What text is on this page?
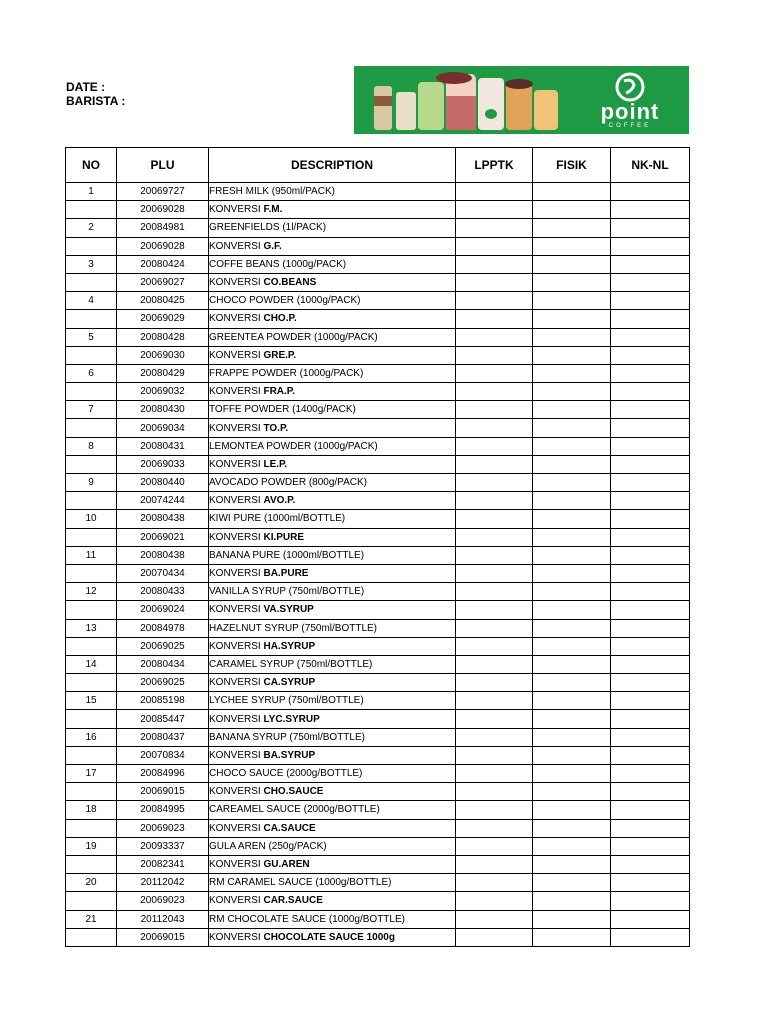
DATE :
BARISTA :	point
COFFEE
NO	PLU	DESCRIPTION	LPPTK	FISIK	NK-NL
1	20069727	FRESH MILK (950ml/PACK)			
	20069028	KONVERSI F.M.			
2	20084981	GREENFIELDS (1l/PACK)			
	20069028	KONVERSI G.F.			
3	20080424	COFFE BEANS (1000g/PACK)			
	20069027	KONVERSI CO.BEANS			
4	20080425	CHOCO POWDER (1000g/PACK)			
	20069029	KONVERSI CHO.P.			
5	20080428	GREENTEA POWDER (1000g/PACK)			
	20069030	KONVERSI GRE.P.			
6	20080429	FRAPPE POWDER (1000g/PACK)			
	20069032	KONVERSI FRA.P.			
7	20080430	TOFFE POWDER (1400g/PACK)			
	20069034	KONVERSI TO.P.			
8	20080431	LEMONTEA POWDER (1000g/PACK)			
	20069033	KONVERSI LE.P.			
9	20080440	AVOCADO POWDER (800g/PACK)			
	20074244	KONVERSI AVO.P.			
10	20080438	KIWI PURE (1000ml/BOTTLE)			
	20069021	KONVERSI KI.PURE			
11	20080438	BANANA PURE (1000ml/BOTTLE)			
	20070434	KONVERSI BA.PURE			
12	20080433	VANILLA SYRUP (750ml/BOTTLE)			
	20069024	KONVERSI VA.SYRUP			
13	20084978	HAZELNUT SYRUP (750ml/BOTTLE)			
	20069025	KONVERSI HA.SYRUP			
14	20080434	CARAMEL SYRUP (750ml/BOTTLE)			
	20069025	KONVERSI CA.SYRUP			
15	20085198	LYCHEE SYRUP (750ml/BOTTLE)			
	20085447	KONVERSI LYC.SYRUP			
16	20080437	BANANA SYRUP (750ml/BOTTLE)			
	20070834	KONVERSI BA.SYRUP			
17	20084996	CHOCO SAUCE (2000g/BOTTLE)			
	20069015	KONVERSI CHO.SAUCE			
18	20084995	CAREAMEL SAUCE (2000g/BOTTLE)			
	20069023	KONVERSI CA.SAUCE			
19	20093337	GULA AREN (250g/PACK)			
	20082341	KONVERSI GU.AREN			
20	20112042	RM CARAMEL SAUCE (1000g/BOTTLE)			
	20069023	KONVERSI CAR.SAUCE			
21	20112043	RM CHOCOLATE SAUCE (1000g/BOTTLE)			
	20069015	KONVERSI CHOCOLATE SAUCE 1000g			
